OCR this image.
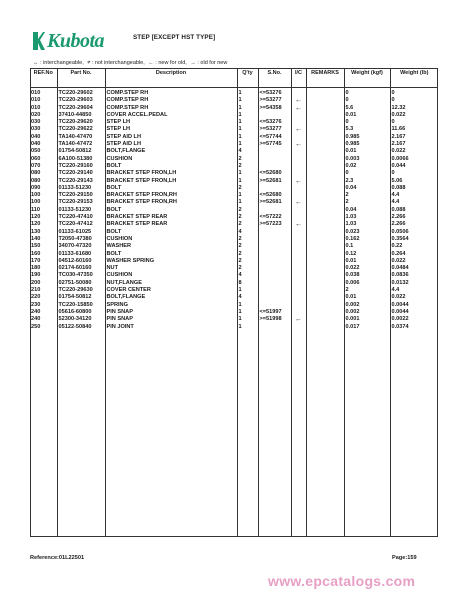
Kubota	STEP [EXCEPT HST TYPE]
↔ : interchangeable, ≠ : not interchangeable, ← : new for old, → : old for new
REF.No	Part No.	Description	Q'ty	S.No.	I/C	REMARKS	Weight (kgf)	Weight (lb)
010	TC220-29602	COMP.STEP RH	1	<=53276			0	0
010	TC220-29603	COMP.STEP RH	1	>=53277	←		0	0
010	TC220-29604	COMP.STEP RH	1	>=54358	←		5.6	12.32
020	37410-44850	COVER ACCEL.PEDAL	1				0.01	0.022
030	TC220-29620	STEP LH	1	<=53276			0	0
030	TC220-29622	STEP LH	1	>=53277	←		5.3	11.66
040	TA140-47470	STEP AID LH	1	<=57744			0.985	2.167
040	TA140-47472	STEP AID LH	1	>=57745	←		0.985	2.167
050	01754-50812	BOLT,FLANGE	4				0.01	0.022
060	6A100-51380	CUSHION	2				0.003	0.0066
070	TC220-29160	BOLT	2				0.02	0.044
080	TC220-29140	BRACKET STEP FRON,LH	1	<=52680			0	0
080	TC220-29143	BRACKET STEP FRON,LH	1	>=52681	←		2.3	5.06
090	01133-51230	BOLT	2				0.04	0.088
100	TC220-29150	BRACKET STEP FRON,RH	1	<=52680			2	4.4
100	TC220-29153	BRACKET STEP FRON,RH	1	>=52681	←		2	4.4
110	01133-51230	BOLT	2				0.04	0.088
120	TC220-47410	BRACKET STEP REAR	2	<=57222			1.03	2.266
120	TC220-47412	BRACKET STEP REAR	2	>=57223	←		1.03	2.266
130	01133-61025	BOLT	4				0.023	0.0506
140	T2050-47380	CUSHION	2				0.162	0.3564
150	34070-47320	WASHER	2				0.1	0.22
160	01133-61680	BOLT	2				0.12	0.264
170	04512-60160	WASHER SPRING	2				0.01	0.022
180	02174-60160	NUT	2				0.022	0.0484
190	TC030-47350	CUSHION	4				0.038	0.0836
200	02751-50080	NUT,FLANGE	8				0.006	0.0132
210	TC220-29630	COVER CENTER	1				2	4.4
220	01754-50812	BOLT,FLANGE	4				0.01	0.022
230	TC220-15850	SPRING	1				0.002	0.0044
240	05616-60800	PIN SNAP	1	<=51997			0.002	0.0044
240	52300-34120	PIN SNAP	1	>=51998	←		0.001	0.0022
250	05122-50840	PIN JOINT	1				0.017	0.0374

Reference:01L22501	Page:159
www.epcatalogs.com
